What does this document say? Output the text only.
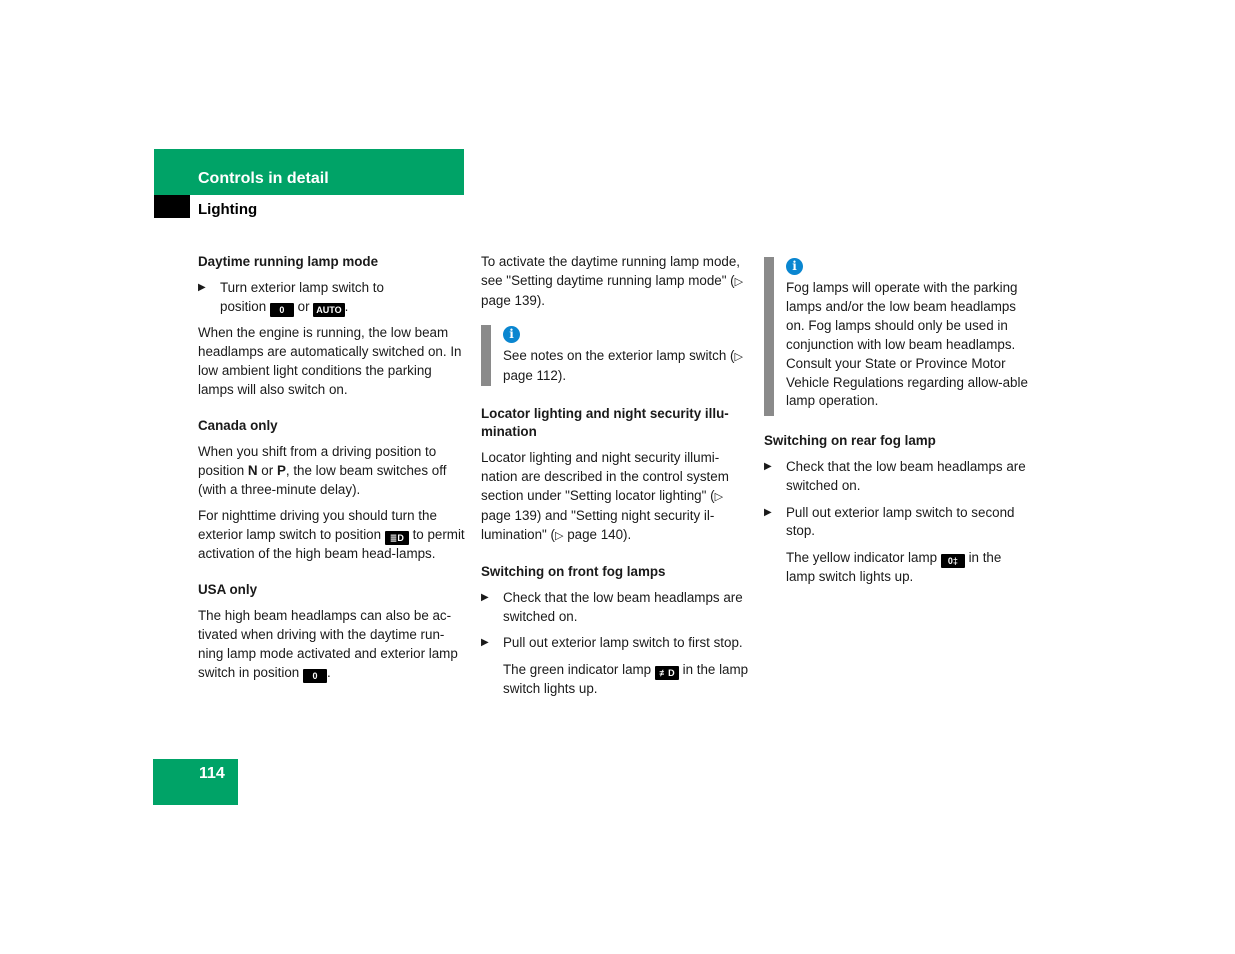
Controls in detail
Lighting
Daytime running lamp mode
▶ Turn exterior lamp switch to
position 0 or AUTO .

When the engine is running, the low beam headlamps are automatically switched on. In low ambient light conditions the parking lamps will also switch on.

Canada only

When you shift from a driving position to position N or P, the low beam switches off (with a three-minute delay).

For nighttime driving you should turn the exterior lamp switch to position ≣D to permit activation of the high beam head-lamps.

USA only

The high beam headlamps can also be ac-tivated when driving with the daytime run-ning lamp mode activated and exterior lamp switch in position 0 .

To activate the daytime running lamp mode, see "Setting daytime running lamp mode" (▷ page 139).

i
See notes on the exterior lamp switch (▷ page 112).
Locator lighting and night security illu-mination

Locator lighting and night security illumi-nation are described in the control system section under "Setting locator lighting" (▷ page 139) and "Setting night security il-lumination" (▷ page 140).

Switching on front fog lamps
▶ Check that the low beam headlamps are switched on.
▶ Pull out exterior lamp switch to first stop.

The green indicator lamp ≢D in the lamp switch lights up.

i
Fog lamps will operate with the parking lamps and/or the low beam headlamps on. Fog lamps should only be used in conjunction with low beam headlamps. Consult your State or Province Motor Vehicle Regulations regarding allow-able lamp operation.
Switching on rear fog lamp
▶ Check that the low beam headlamps are switched on.
▶ Pull out exterior lamp switch to second stop.

The yellow indicator lamp 0‡ in the lamp switch lights up.

114
